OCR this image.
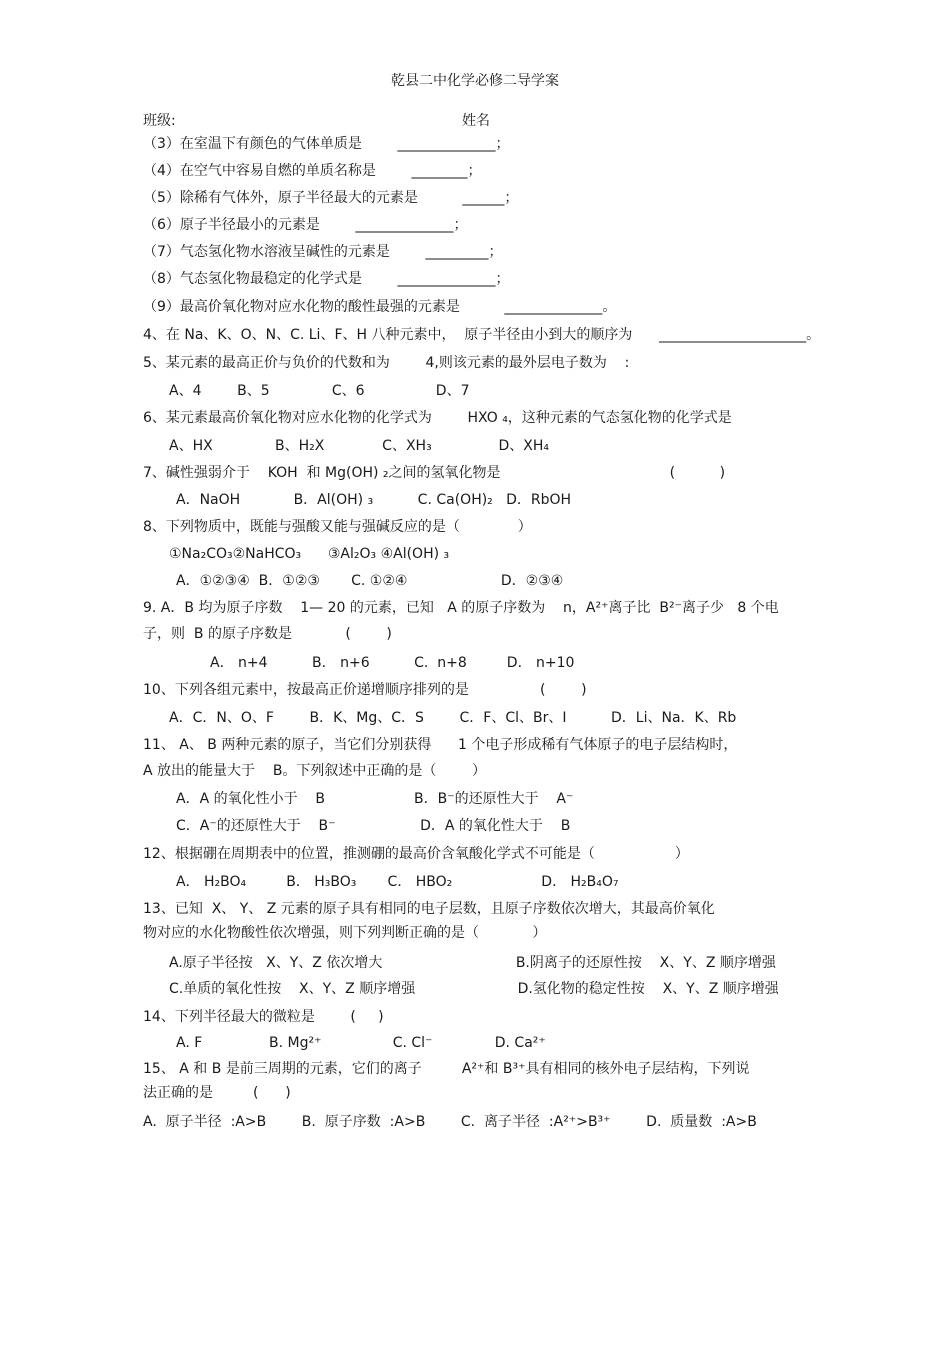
乾县二中化学必修二导学案
班级:	姓名
（3）在室温下有颜色的气体单质是        ______________；
（4）在空气中容易自燃的单质名称是        ________；
（5）除稀有气体外，原子半径最大的元素是          ______；
（6）原子半径最小的元素是        ______________；
（7）气态氢化物水溶液呈碱性的元素是        _________；
（8）气态氢化物最稳定的化学式是        ______________；
（9）最高价氧化物对应水化物的酸性最强的元素是          ______________。
4、在 Na、K、O、N、C. Li、F、H 八种元素中，  原子半径由小到大的顺序为      _____________________。
5、某元素的最高正价与负价的代数和为        4,则该元素的最外层电子数为    :
A、4        B、5              C、6                D、7
6、某元素最高价氧化物对应水化物的化学式为        HXO ₄，这种元素的气态氢化物的化学式是
A、HX              B、H₂X             C、XH₃               D、XH₄
7、碱性强弱介于    KOH  和 Mg(OH) ₂之间的氢氧化物是                                      (          )
A．NaOH            B．Al(OH) ₃          C. Ca(OH)₂   D．RbOH
8、下列物质中，既能与强酸又能与强碱反应的是（             ）
①Na₂CO₃②NaHCO₃      ③Al₂O₃ ④Al(OH) ₃
A．①②③④  B．①②③       C. ①②④                     D．②③④
9. A．B 均为原子序数    1— 20 的元素，已知   A 的原子序数为    n，A²⁺离子比  B²⁻离子少   8 个电
子，则  B 的原子序数是            (        )
A． n+4          B． n+6          C.  n+8         D． n+10
10、下列各组元素中，按最高正价递增顺序排列的是                (        )
A．C．N、O、F        B．K、Mg、C．S        C．F、Cl、Br、I          D．Li、Na．K、Rb
11、 A、 B 两种元素的原子，当它们分别获得      1 个电子形成稀有气体原子的电子层结构时，
A 放出的能量大于    B。下列叙述中正确的是（        ）
A．A 的氧化性小于    B                    B．B⁻的还原性大于    A⁻
C．A⁻的还原性大于    B⁻                   D．A 的氧化性大于    B
12、根据硼在周期表中的位置，推测硼的最高价含氧酸化学式不可能是（                  ）
A． H₂BO₄         B． H₃BO₃       C． HBO₂                    D． H₂B₄O₇
13、已知  X、 Y、 Z 元素的原子具有相同的电子层数，且原子序数依次增大，其最高价氧化
物对应的水化物酸性依次增强，则下列判断正确的是（            ）
A.原子半径按   X、Y、Z 依次增大                              B.阴离子的还原性按    X、Y、Z 顺序增强
C.单质的氧化性按    X、Y、Z 顺序增强                       D.氢化物的稳定性按    X、Y、Z 顺序增强
14、下列半径最大的微粒是        (     )
A. F               B. Mg²⁺                C. Cl⁻              D. Ca²⁺
15、 A 和 B 是前三周期的元素，它们的离子         A²⁺和 B³⁺具有相同的核外电子层结构，下列说
法正确的是         (      )
A.  原子半径  :A>B        B.  原子序数  :A>B        C.  离子半径  :A²⁺>B³⁺        D.  质量数  :A>B
